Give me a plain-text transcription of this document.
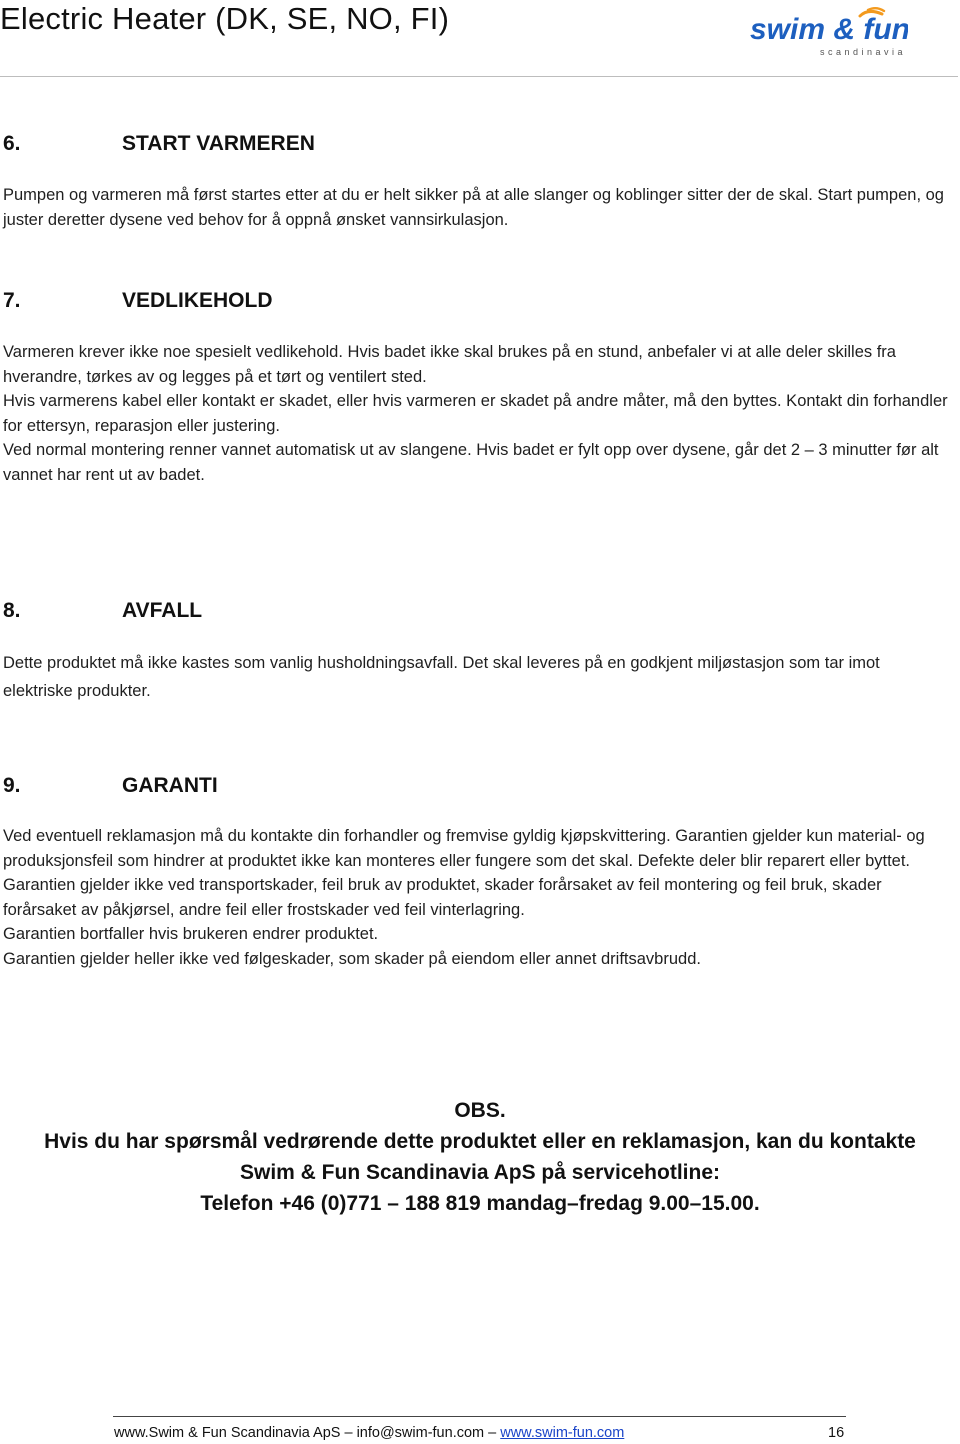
Electric Heater (DK, SE, NO, FI)	swim & fun
scandinavia
6.	START VARMEREN

Pumpen og varmeren må først startes etter at du er helt sikker på at alle slanger og koblinger sitter der de skal. Start pumpen, og juster deretter dysene ved behov for å oppnå ønsket vannsirkulasjon.

7.	VEDLIKEHOLD

Varmeren krever ikke noe spesielt vedlikehold. Hvis badet ikke skal brukes på en stund, anbefaler vi at alle deler skilles fra hverandre, tørkes av og legges på et tørt og ventilert sted.

Hvis varmerens kabel eller kontakt er skadet, eller hvis varmeren er skadet på andre måter, må den byttes. Kontakt din forhandler for ettersyn, reparasjon eller justering.

Ved normal montering renner vannet automatisk ut av slangene. Hvis badet er fylt opp over dysene, går det 2 – 3 minutter før alt vannet har rent ut av badet.

8.	AVFALL

Dette produktet må ikke kastes som vanlig husholdningsavfall. Det skal leveres på en godkjent miljøstasjon som tar imot elektriske produkter.

9.	GARANTI

Ved eventuell reklamasjon må du kontakte din forhandler og fremvise gyldig kjøpskvittering. Garantien gjelder kun material- og produksjonsfeil som hindrer at produktet ikke kan monteres eller fungere som det skal. Defekte deler blir reparert eller byttet.

Garantien gjelder ikke ved transportskader, feil bruk av produktet, skader forårsaket av feil montering og feil bruk, skader forårsaket av påkjørsel, andre feil eller frostskader ved feil vinterlagring.

Garantien bortfaller hvis brukeren endrer produktet.

Garantien gjelder heller ikke ved følgeskader, som skader på eiendom eller annet driftsavbrudd.

OBS.

Hvis du har spørsmål vedrørende dette produktet eller en reklamasjon, kan du kontakte

Swim & Fun Scandinavia ApS på servicehotline:

Telefon +46 (0)771 – 188 819 mandag–fredag 9.00–15.00.

www.Swim & Fun Scandinavia ApS – info@swim-fun.com – www.swim-fun.com	16
